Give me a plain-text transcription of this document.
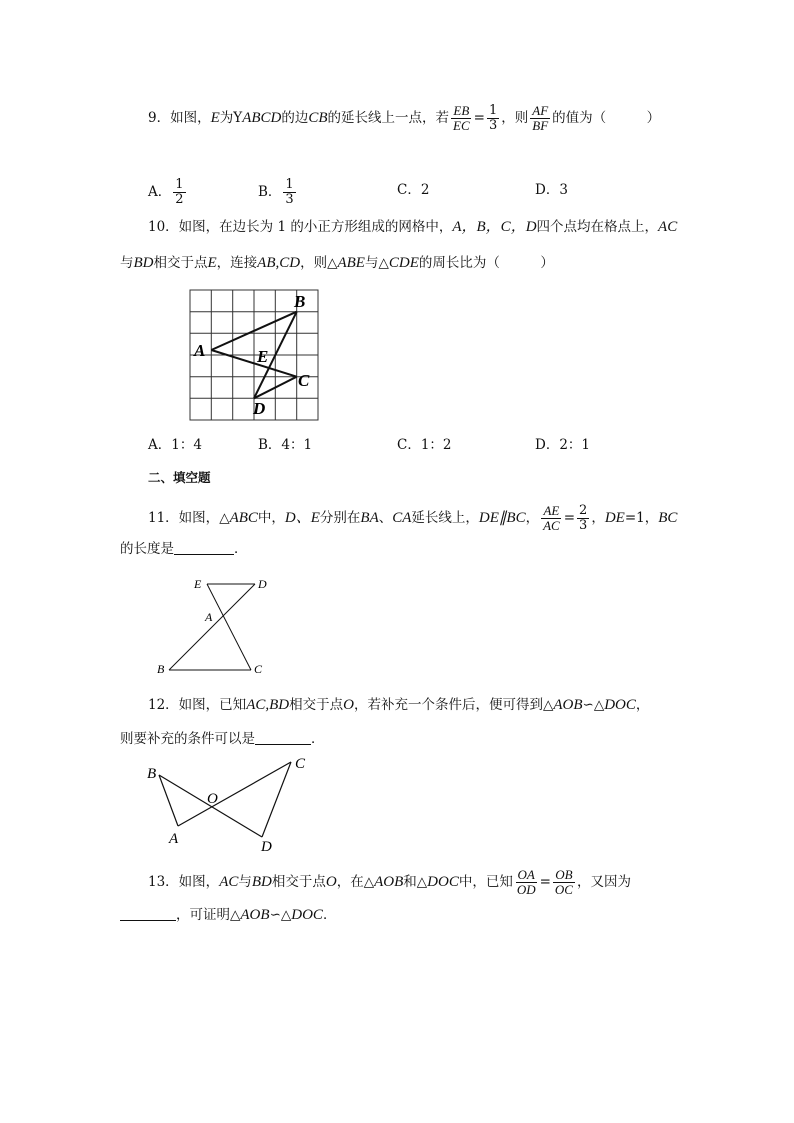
9．如图，E为YABCD的边CB的延长线上一点，若 $\frac{EB}{EC} = \frac{1}{3}$ ，则 $\frac{AF}{BF}$ 的值为（　　　）
A． $\frac{1}{2}$	B． $\frac{1}{3}$	C．2	D．3
10．如图，在边长为 1 的小正方形组成的网格中，A，B，C，D四个点均在格点上，AC
与BD相交于点E，连接AB,CD，则△ABE与△CDE的周长比为（　　　）
A
B
C
D
E
A．1：4	B．4：1	C．1：2	D．2：1
二、填空题
11．如图，△ABC中，D、E分别在BA、CA延长线上，DE∥BC， $\frac{AE}{AC} = \frac{2}{3}$ ，DE=1，BC
的长度是	．
E	D
A
B	C
12．如图，已知AC,BD相交于点O，若补充一个条件后，便可得到△AOB∽△DOC，
则要补充的条件可以是	．
B
O
C
A	D
13．如图，AC与BD相交于点O，在△AOB和△DOC中，已知 $\frac{OA}{OD} = \frac{OB}{OC}$ ，又因为
，可证明△AOB∽△DOC．
